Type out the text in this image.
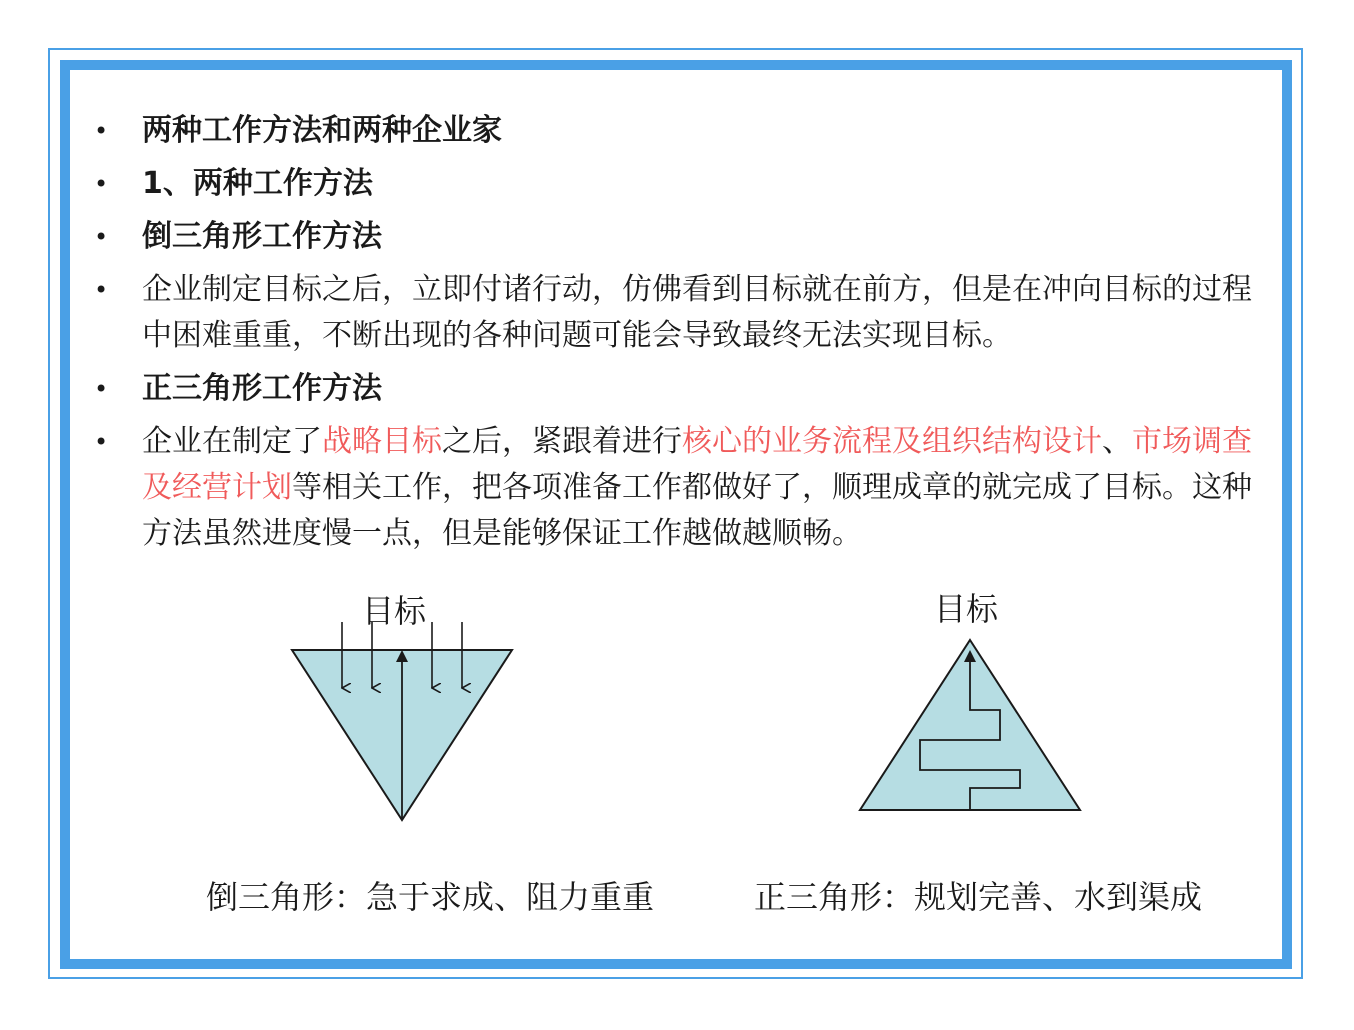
• 两种工作方法和两种企业家
• 1、两种工作方法
• 倒三角形工作方法
• 企业制定目标之后，立即付诸行动，仿佛看到目标就在前方，但是在冲向目标的过程中困难重重，不断出现的各种问题可能会导致最终无法实现目标。
• 正三角形工作方法
• 企业在制定了战略目标之后，紧跟着进行核心的业务流程及组织结构设计、市场调查及经营计划等相关工作，把各项准备工作都做好了，顺理成章的就完成了目标。这种方法虽然进度慢一点，但是能够保证工作越做越顺畅。
目标	目标
倒三角形：急于求成、阻力重重	正三角形：规划完善、水到渠成
